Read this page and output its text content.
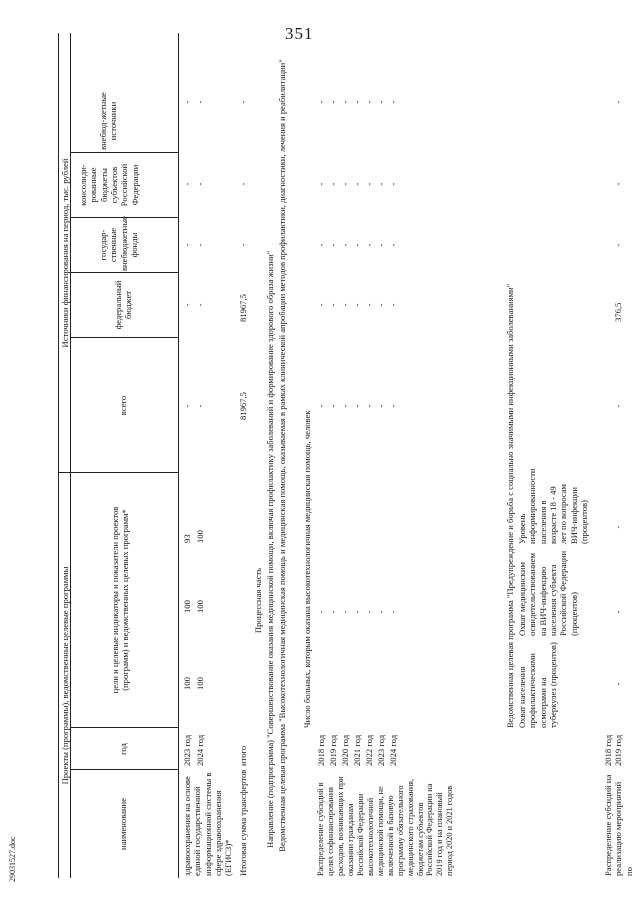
351
29031527.doc
Проекты (программы), ведомственные целевые программы
Источники финансирования на период, тыс. рублей
наименование
год
цели и целевые индикаторы и показатели проектов (программ) и ведомственных целевых программ*
всего
федеральный бюджет
государ-ственные внебюджетные фонды
консолиди-рованные бюджеты субъектов Российской Федерации
внебюд-жетные источники
здравоохранения на основе единой государственной информационной системы в сфере здравоохранения (ЕГИСЗ)*
2023 год 2024 год
100 100
100 100
93 100
- -
- -
- -
- -
- -
Итоговая сумма трансфертов
итого
81967,5
81967,5
-
-
-
Процессная часть Направление (подпрограмма) "Совершенствование оказания медицинской помощи, включая профилактику заболеваний и формирование здорового образа жизни" Ведомственная целевая программа "Высокотехнологичная медицинская помощь и медицинская помощь, оказываемая в рамках клинической апробации методов профилактики, диагностики, лечения и реабилитации" Число больных, которым оказана высокотехнологичная медицинская помощь, человек
Распределение субсидий в целях софинансирования расходов, возникающих при оказании гражданам Российской Федерации высокотехнологичной медицинской помощи, не включенной в базовую программу обязательного медицинского страхования, бюджетам субъектов Российской Федерации на 2019 год и на плановый период 2020 и 2021 годов
2018 год 2019 год 2020 год 2021 год 2022 год 2023 год 2024 год
- - - - - - -
- - - - - - -
- - - - - - -
- - - - - - -
- - - - - - -
- - - - - - -
Ведомственная целевая программа "Предупреждение и борьба с социально значимыми инфекционными заболеваниями" Охват населения профилактическими осмотрами на туберкулез (процентов)
Охват медицинским освидетельствованием на ВИЧ-инфекцию населения субъекта Российской Федерации (процентов)
Уровень информированности населения в возрасте 18 - 49 лет по вопросам ВИЧ-инфекции (процентов)
Распределение субсидий на реализацию мероприятий по
2018 год 2019 год
-
-
-
-
376,5
-
-
-
